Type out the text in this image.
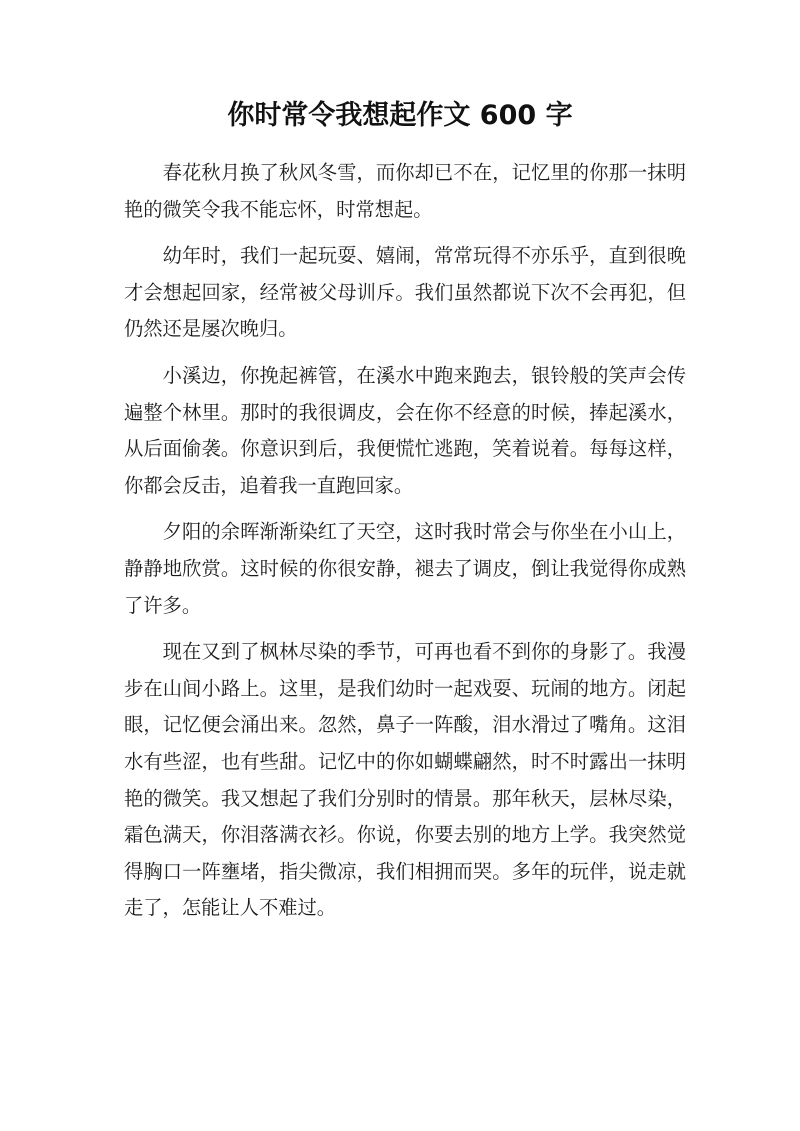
你时常令我想起作文 600 字

春花秋月换了秋风冬雪，而你却已不在，记忆里的你那一抹明艳的微笑令我不能忘怀，时常想起。

幼年时，我们一起玩耍、嬉闹，常常玩得不亦乐乎，直到很晚才会想起回家，经常被父母训斥。我们虽然都说下次不会再犯，但仍然还是屡次晚归。

小溪边，你挽起裤管，在溪水中跑来跑去，银铃般的笑声会传遍整个林里。那时的我很调皮，会在你不经意的时候，捧起溪水，从后面偷袭。你意识到后，我便慌忙逃跑，笑着说着。每每这样，你都会反击，追着我一直跑回家。

夕阳的余晖渐渐染红了天空，这时我时常会与你坐在小山上，静静地欣赏。这时候的你很安静，褪去了调皮，倒让我觉得你成熟了许多。

现在又到了枫林尽染的季节，可再也看不到你的身影了。我漫步在山间小路上。这里，是我们幼时一起戏耍、玩闹的地方。闭起眼，记忆便会涌出来。忽然，鼻子一阵酸，泪水滑过了嘴角。这泪水有些涩，也有些甜。记忆中的你如蝴蝶翩然，时不时露出一抹明艳的微笑。我又想起了我们分别时的情景。那年秋天，层林尽染，霜色满天，你泪落满衣衫。你说，你要去别的地方上学。我突然觉得胸口一阵壅堵，指尖微凉，我们相拥而哭。多年的玩伴，说走就走了，怎能让人不难过。
